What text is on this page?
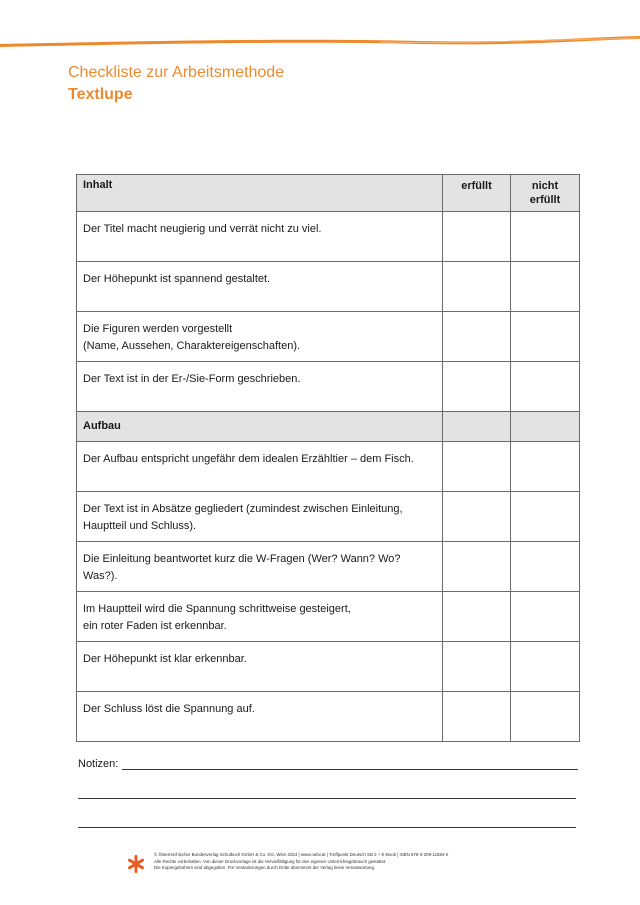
Checkliste zur Arbeitsmethode
Textlupe
Inhalt	erfüllt	nicht
erfüllt
Der Titel macht neugierig und verrät nicht zu viel.		
Der Höhepunkt ist spannend gestaltet.		
Die Figuren werden vorgestellt
(Name, Aussehen, Charaktereigenschaften).		
Der Text ist in der Er-/Sie-Form geschrieben.		
Aufbau		
Der Aufbau entspricht ungefähr dem idealen Erzähltier – dem Fisch.		
Der Text ist in Absätze gegliedert (zumindest zwischen Einleitung,
Hauptteil und Schluss).		
Die Einleitung beantwortet kurz die W-Fragen (Wer? Wann? Wo? Was?).		
Im Hauptteil wird die Spannung schrittweise gesteigert,
ein roter Faden ist erkennbar.		
Der Höhepunkt ist klar erkennbar.		
Der Schluss löst die Spannung auf.		
Notizen:
© Österreichischer Bundesverlag Schulbuch GmbH & Co. KG, Wien 2024 | www.oebv.at | Treffpunkt Deutsch SB 2 + E-Book | ISBN 978-3-209-11684-0
Alle Rechte vorbehalten. Von dieser Druckvorlage ist die Vervielfältigung für den eigenen Unterrichtsgebrauch gestattet.
Die Kopiergebühren sind abgegolten. Für Veränderungen durch Dritte übernimmt der Verlag keine Verantwortung.
